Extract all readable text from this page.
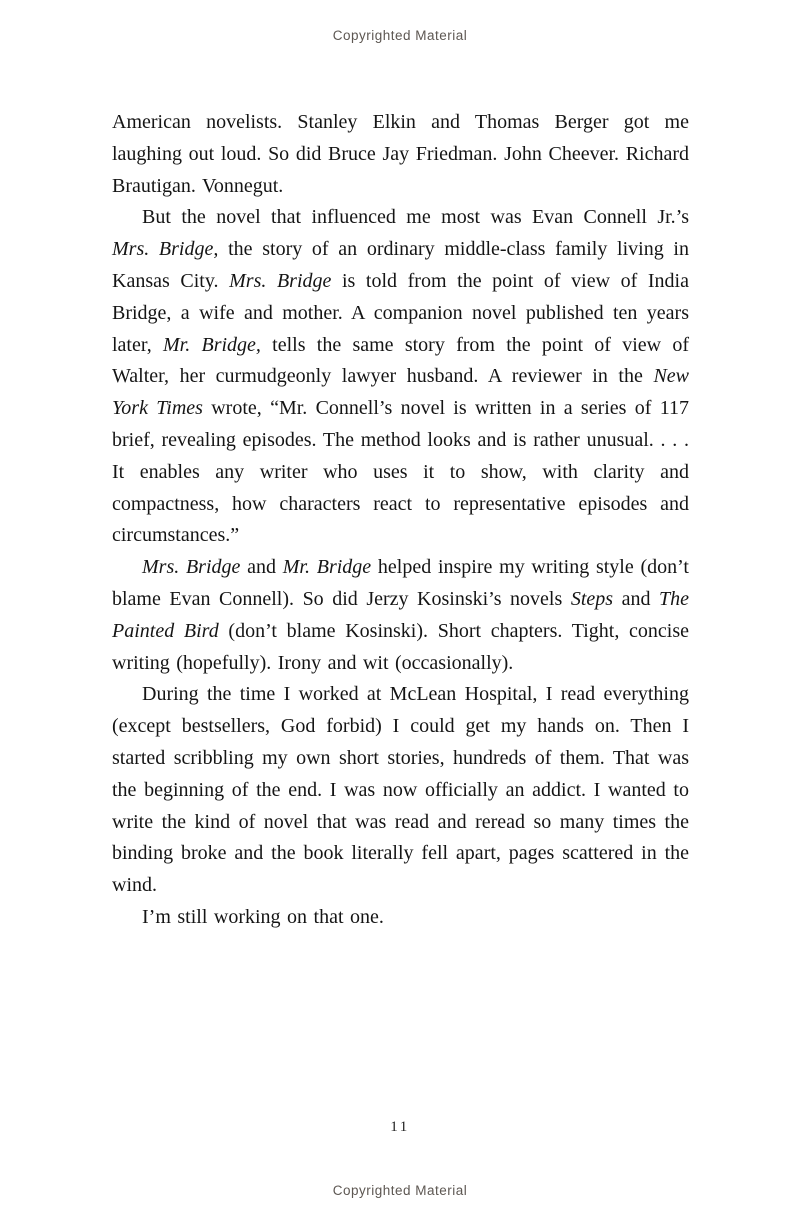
Copyrighted Material

American novelists. Stanley Elkin and Thomas Berger got me laughing out loud. So did Bruce Jay Friedman. John Cheever. Richard Brautigan. Vonnegut.

But the novel that influenced me most was Evan Connell Jr.’s Mrs. Bridge, the story of an ordinary middle-class family living in Kansas City. Mrs. Bridge is told from the point of view of India Bridge, a wife and mother. A companion novel published ten years later, Mr. Bridge, tells the same story from the point of view of Walter, her curmudgeonly lawyer husband. A reviewer in the New York Times wrote, “Mr. Connell’s novel is written in a series of 117 brief, revealing episodes. The method looks and is rather unusual. . . . It enables any writer who uses it to show, with clarity and compactness, how characters react to representative episodes and circumstances.”

Mrs. Bridge and Mr. Bridge helped inspire my writing style (don’t blame Evan Connell). So did Jerzy Kosinski’s novels Steps and The Painted Bird (don’t blame Kosinski). Short chapters. Tight, concise writing (hopefully). Irony and wit (occasionally).

During the time I worked at McLean Hospital, I read everything (except bestsellers, God forbid) I could get my hands on. Then I started scribbling my own short stories, hundreds of them. That was the beginning of the end. I was now officially an addict. I wanted to write the kind of novel that was read and reread so many times the binding broke and the book literally fell apart, pages scattered in the wind.

I’m still working on that one.

11
Copyrighted Material
